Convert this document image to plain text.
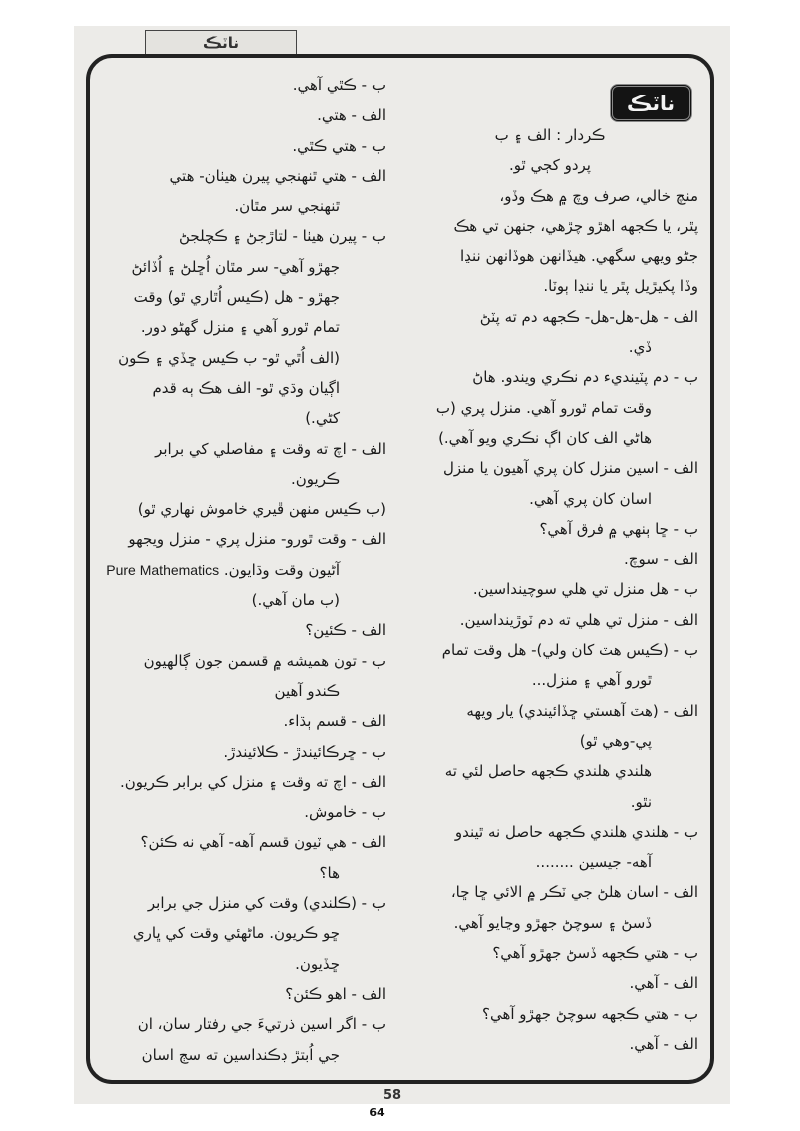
ناٽڪ
ناٽڪ
ڪردار : الف ۽ ب
پردو کڄي ٿو.
منچ خالي، صرف وچ ۾ هڪ وڏو،
پٿر، يا ڪجهه اهڙو چڙهي، جنهن تي هڪ
جڻو ويهي سگهي. هيڏانهن هوڏانهن ننڍا
وڏا پکيڙيل پٿر يا ننڍا ٻوٽا.
الف - هل-هل-هل- ڪجهه دم ته پٽڻ
ڏي.
ب - دم پٽينديء دم نڪري ويندو. هاڻ
وقت تمام ٿورو آهي. منزل پري (ب
هاڻي الف کان اڳ نڪري ويو آهي.)
الف - اسين منزل کان پري آهيون يا منزل
اسان کان پري آهي.
ب - ڇا ٻنهي ۾ فرق آهي؟
الف - سوچ.
ب - هل منزل تي هلي سوچينداسين.
الف - منزل تي هلي ته دم ٽوڙينداسين.
ب - (ڪيس هٽ کان ولي)- هل وقت تمام
ٿورو آهي ۽ منزل...
الف - (هٽ آهستي ڇڏائيندي) يار ويهه
پي-وهي ٿو)
هلندي هلندي ڪجهه حاصل لئي ته
نٿو.
ب - هلندي هلندي ڪجهه حاصل نه ٿيندو
آهه- جيسين ........
الف - اسان هلڻ جي ٽڪر ۾ الائي ڇا ڇا،
ڏسڻ ۽ سوچڻ جهڙو وڃايو آهي.
ب - هتي ڪجهه ڏسڻ جهڙو آهي؟
الف - آهي.
ب - هتي ڪجهه سوچڻ جهڙو آهي؟
الف - آهي.
ب - ڪٿي آهي.
الف - هتي.
ب - هتي ڪٿي.
الف - هتي ٿنهنجي پيرن هيٺان- هتي
ٿنهنجي سر مٿان.
ب - پيرن هيٺا - لتاڙجڻ ۽ ڪچلجڻ
جهڙو آهي- سر مٿان اُڇلڻ ۽ اُڏائڻ
جهڙو - هل (ڪيس اُٿاري ٿو) وقت
تمام ٿورو آهي ۽ منزل گهڻو دور.
(الف اُٿي ٿو- ب ڪيس ڇڏي ۽ ڪون
اڳيان وڌي ٿو- الف هڪ ٻه قدم
کڻي.)
الف - اچ ته وقت ۽ مفاصلي کي برابر
ڪريون.
(ب ڪيس منهن ڦيري خاموش نهاري ٿو)
الف - وقت ٿورو- منزل پري - منزل ويجهو
آڻيون وقت وڌايون. Pure Mathematics
(ب مان آهي.)
الف - ڪئين؟
ب - تون هميشه ۾ قسمن جون ڳالهيون
ڪندو آهين
الف - قسم ٻڌاء.
ب - ڇرڪائيندڙ - ڪلائيندڙ.
الف - اچ ته وقت ۽ منزل کي برابر ڪريون.
ب - خاموش.
الف - هي ٽيون قسم آهه- آهي نه ڪئن؟
ها؟
ب - (ڪلندي) وقت کي منزل جي برابر
ڇو ڪريون. ماڻهئي وقت کي ڀاري
ڇڏيون.
الف - اهو ڪئن؟
ب - اگر اسين ذرتيءَ جي رفتار سان، ان
جي اُبتڙ ڊڪنداسين ته سڄ اسان
58
64
